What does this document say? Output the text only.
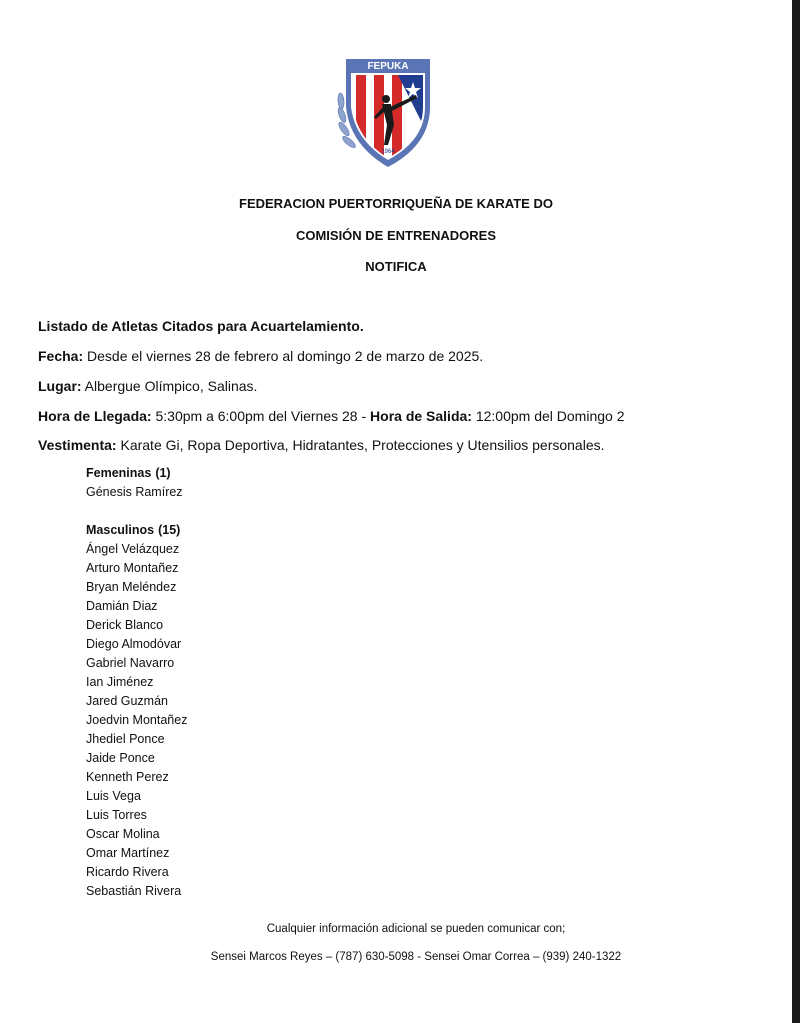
FEPUKA
1964
FEDERACION PUERTORRIQUEÑA DE KARATE DO
COMISIÓN DE ENTRENADORES
NOTIFICA
Listado de Atletas Citados para Acuartelamiento.
Fecha: Desde el viernes 28 de febrero al domingo 2 de marzo de 2025.
Lugar: Albergue Olímpico, Salinas.
Hora de Llegada: 5:30pm a 6:00pm del Viernes 28 - Hora de Salida: 12:00pm del Domingo 2
Vestimenta: Karate Gi, Ropa Deportiva, Hidratantes, Protecciones y Utensilios personales.
Femeninas (1)
Génesis Ramírez
Masculinos (15)
Ángel Velázquez
Arturo Montañez
Bryan Meléndez
Damián Diaz
Derick Blanco
Diego Almodóvar
Gabriel Navarro
Ian Jiménez
Jared Guzmán
Joedvin Montañez
Jhediel Ponce
Jaide Ponce
Kenneth Perez
Luis Vega
Luis Torres
Oscar Molina
Omar Martínez
Ricardo Rivera
Sebastián Rivera
Cualquier información adicional se pueden comunicar con;
Sensei Marcos Reyes – (787) 630-5098 - Sensei Omar Correa – (939) 240-1322
